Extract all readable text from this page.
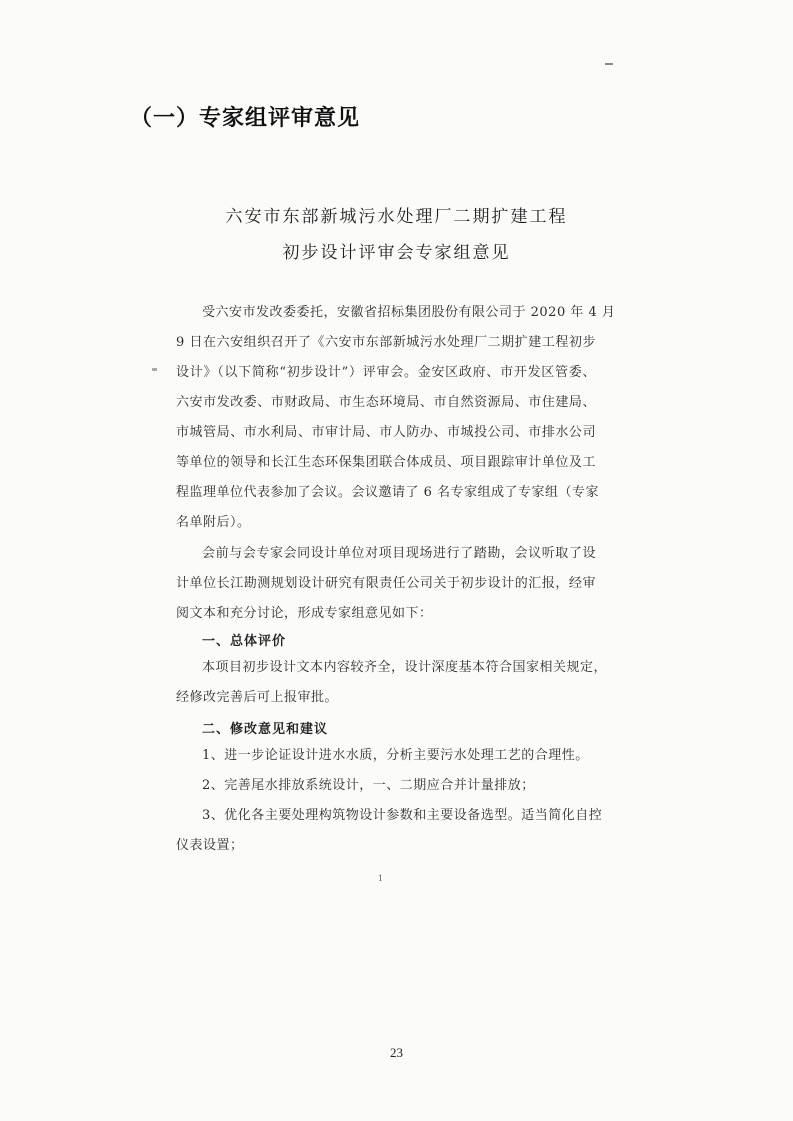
（一）专家组评审意见
六安市东部新城污水处理厂二期扩建工程
初步设计评审会专家组意见
受六安市发改委委托，安徽省招标集团股份有限公司于 2020 年 4 月
9 日在六安组织召开了《六安市东部新城污水处理厂二期扩建工程初步
设计》（以下简称“初步设计”）评审会。金安区政府、市开发区管委、
六安市发改委、市财政局、市生态环境局、市自然资源局、市住建局、
市城管局、市水利局、市审计局、市人防办、市城投公司、市排水公司
等单位的领导和长江生态环保集团联合体成员、项目跟踪审计单位及工
程监理单位代表参加了会议。会议邀请了 6 名专家组成了专家组（专家
名单附后）。
会前与会专家会同设计单位对项目现场进行了踏勘，会议听取了设
计单位长江勘测规划设计研究有限责任公司关于初步设计的汇报，经审
阅文本和充分讨论，形成专家组意见如下：
一、总体评价
本项目初步设计文本内容较齐全，设计深度基本符合国家相关规定，
经修改完善后可上报审批。
二、修改意见和建议
1、进一步论证设计进水水质，分析主要污水处理工艺的合理性。
2、完善尾水排放系统设计，一、二期应合并计量排放；
3、优化各主要处理构筑物设计参数和主要设备选型。适当简化自控
仪表设置；
1
23
